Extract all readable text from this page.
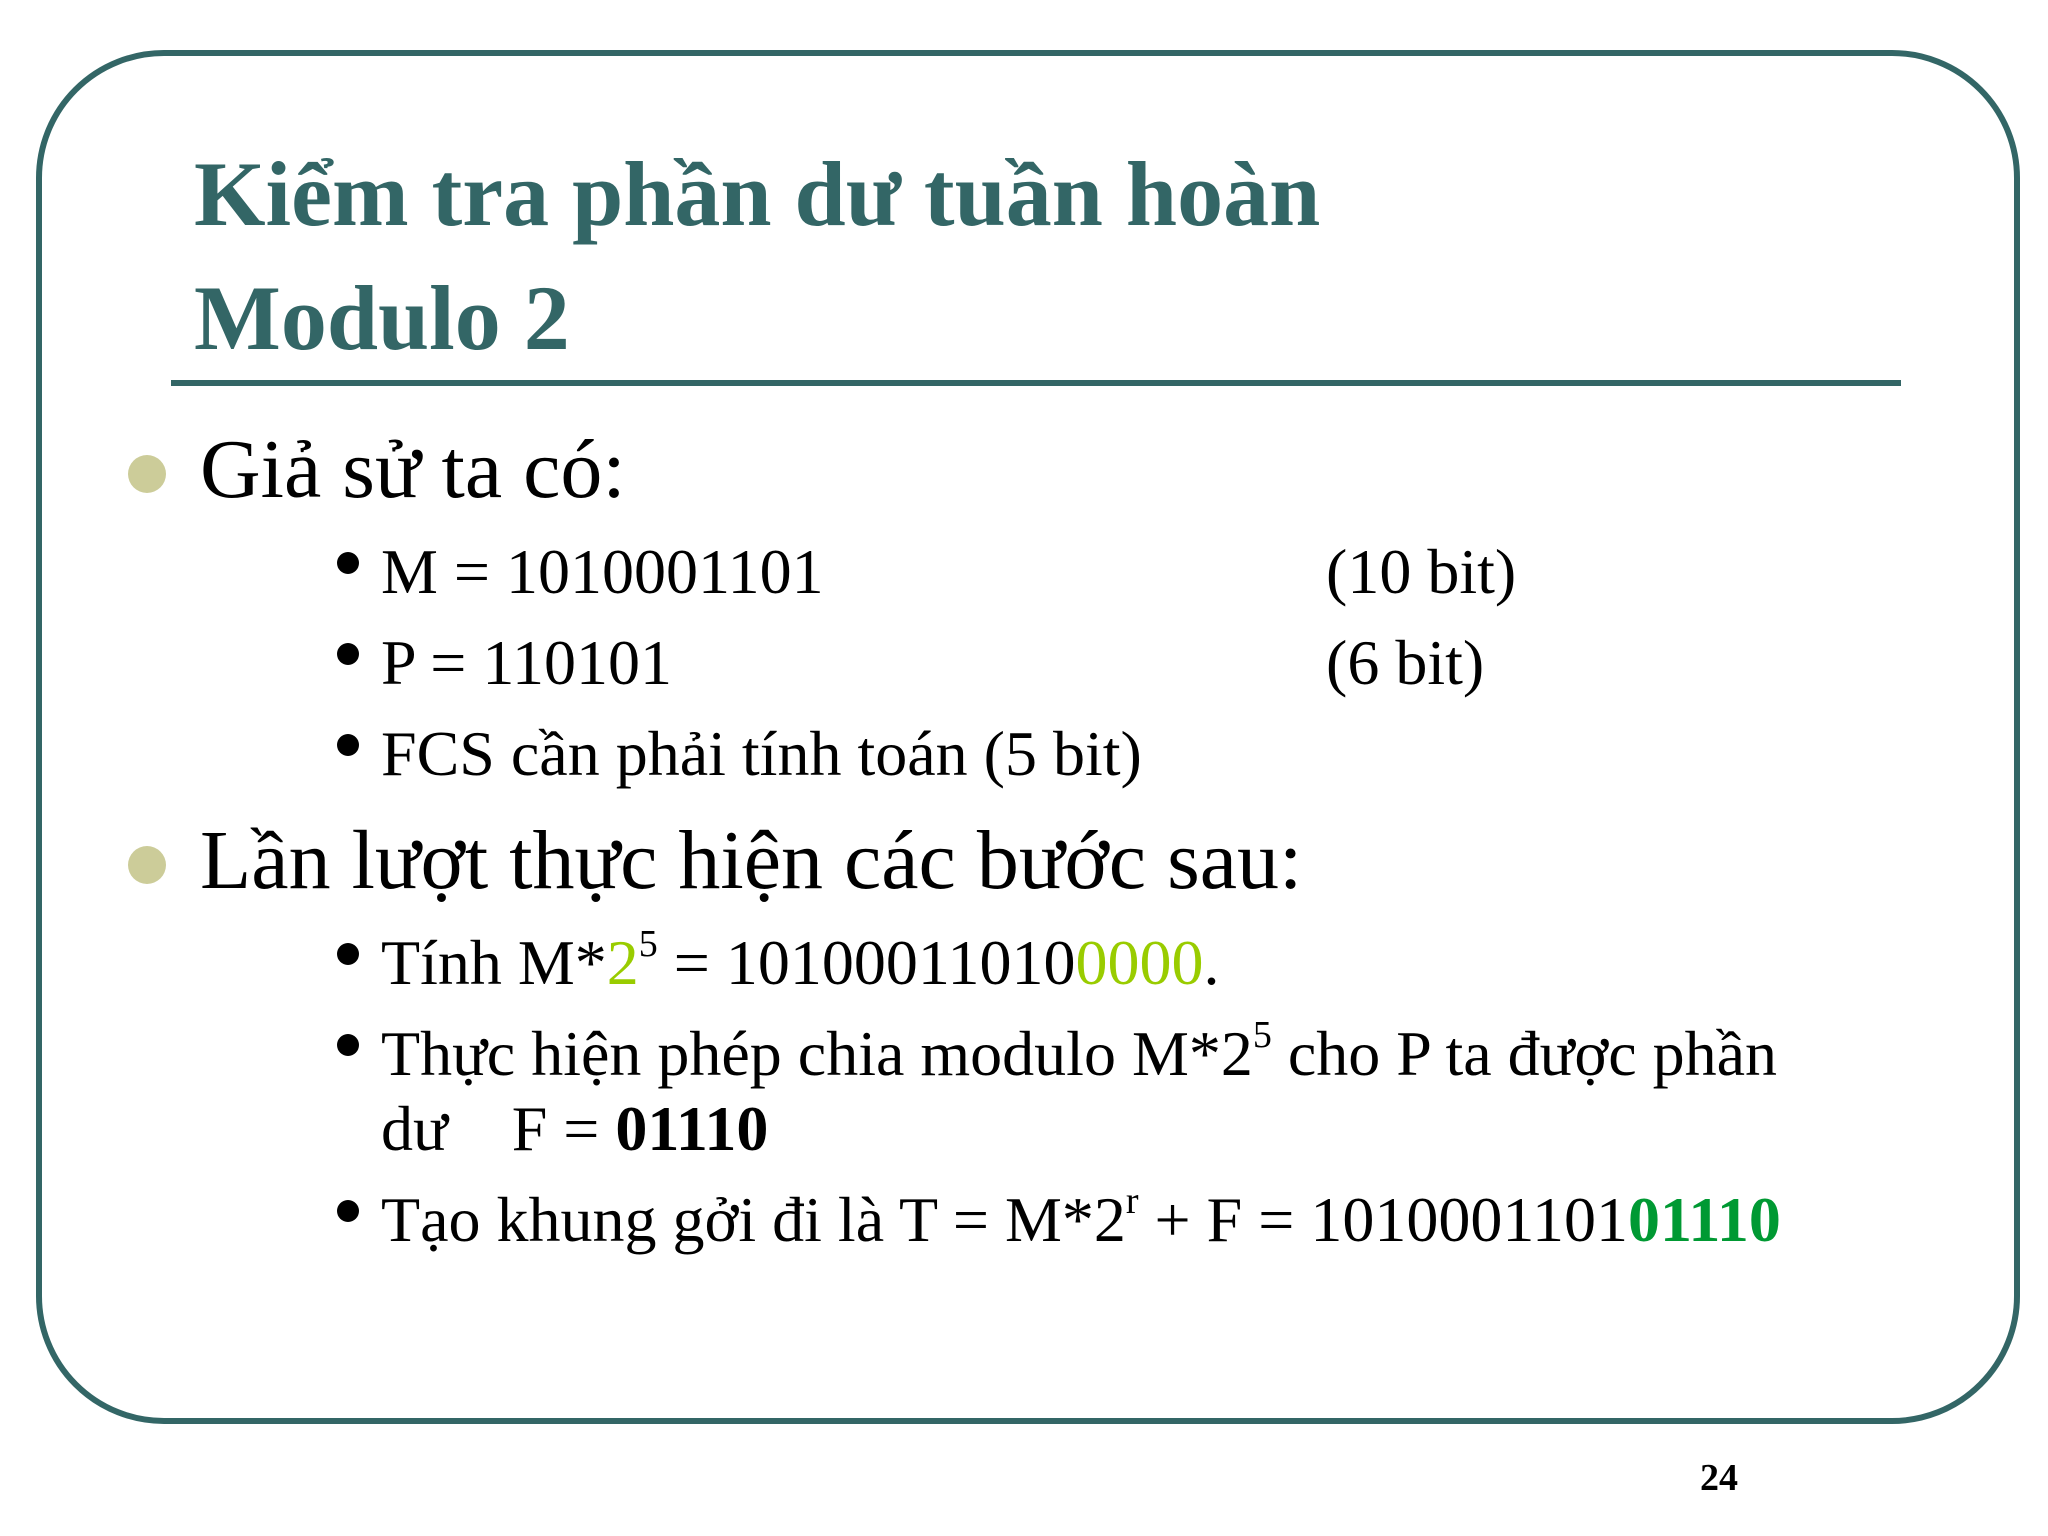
Kiểm tra phần dư tuần hoàn
Modulo 2
Giả sử ta có:
M = 1010001101	(10 bit)
P = 110101	(6 bit)
FCS cần phải tính toán (5 bit)
Lần lượt thực hiện các bước sau:
Tính $M*2^5 = 101000110100000$.
Thực hiện phép chia modulo $M*2^5$ cho P ta được phần
dư    F = 01110
Tạo khung gởi đi là $T = M*2^r + F = 101000110101110$
24
